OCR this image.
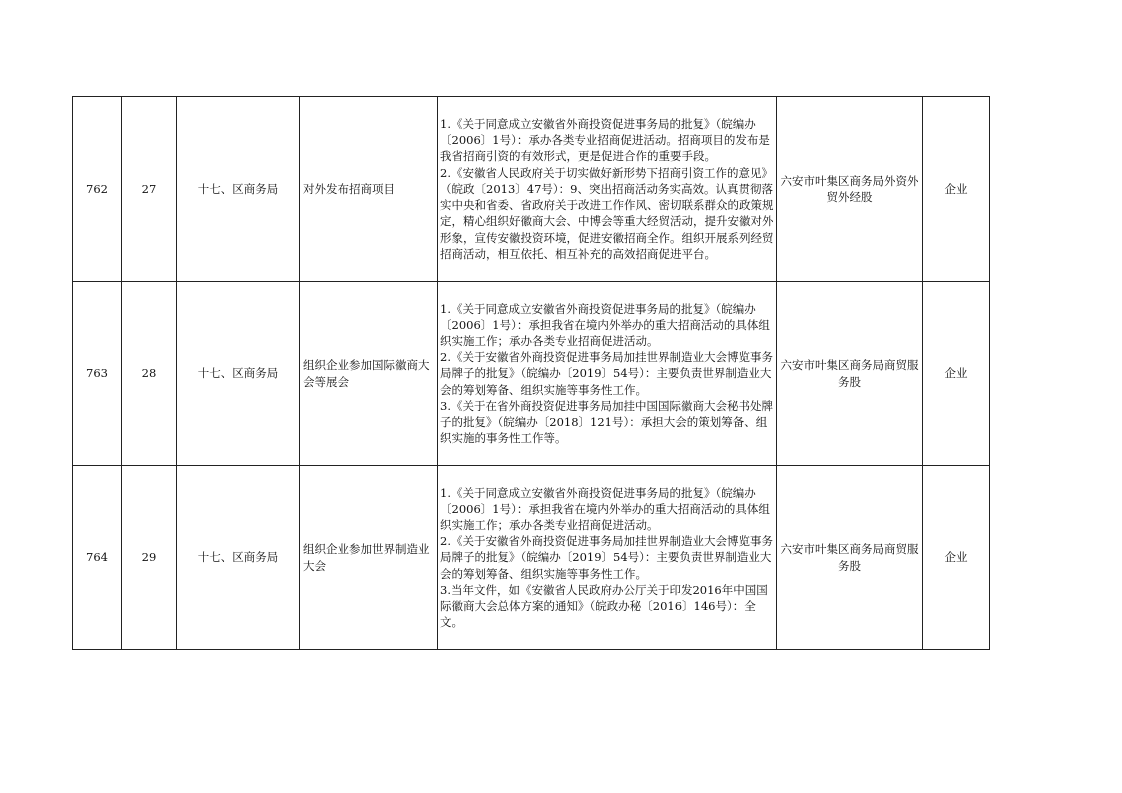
762	27	十七、区商务局	对外发布招商项目	1.《关于同意成立安徽省外商投资促进事务局的批复》（皖编办〔2006〕1号）：承办各类专业招商促进活动。招商项目的发布是我省招商引资的有效形式，更是促进合作的重要手段。
2.《安徽省人民政府关于切实做好新形势下招商引资工作的意见》（皖政〔2013〕47号）：9、突出招商活动务实高效。认真贯彻落实中央和省委、省政府关于改进工作作风、密切联系群众的政策规定，精心组织好徽商大会、中博会等重大经贸活动，提升安徽对外形象，宣传安徽投资环境，促进安徽招商全作。组织开展系列经贸招商活动，相互依托、相互补充的高效招商促进平台。	六安市叶集区商务局外资外贸外经股	企业
763	28	十七、区商务局	组织企业参加国际徽商大会等展会	1.《关于同意成立安徽省外商投资促进事务局的批复》（皖编办〔2006〕1号）：承担我省在境内外举办的重大招商活动的具体组织实施工作；承办各类专业招商促进活动。
2.《关于安徽省外商投资促进事务局加挂世界制造业大会博览事务局牌子的批复》（皖编办〔2019〕54号）：主要负责世界制造业大会的筹划筹备、组织实施等事务性工作。
3.《关于在省外商投资促进事务局加挂中国国际徽商大会秘书处牌子的批复》（皖编办〔2018〕121号）：承担大会的策划筹备、组织实施的事务性工作等。	六安市叶集区商务局商贸服务股	企业
764	29	十七、区商务局	组织企业参加世界制造业大会	1.《关于同意成立安徽省外商投资促进事务局的批复》（皖编办〔2006〕1号）：承担我省在境内外举办的重大招商活动的具体组织实施工作；承办各类专业招商促进活动。
2.《关于安徽省外商投资促进事务局加挂世界制造业大会博览事务局牌子的批复》（皖编办〔2019〕54号）：主要负责世界制造业大会的筹划筹备、组织实施等事务性工作。
3.当年文件，如《安徽省人民政府办公厅关于印发2016年中国国际徽商大会总体方案的通知》（皖政办秘〔2016〕146号）：全文。	六安市叶集区商务局商贸服务股	企业
